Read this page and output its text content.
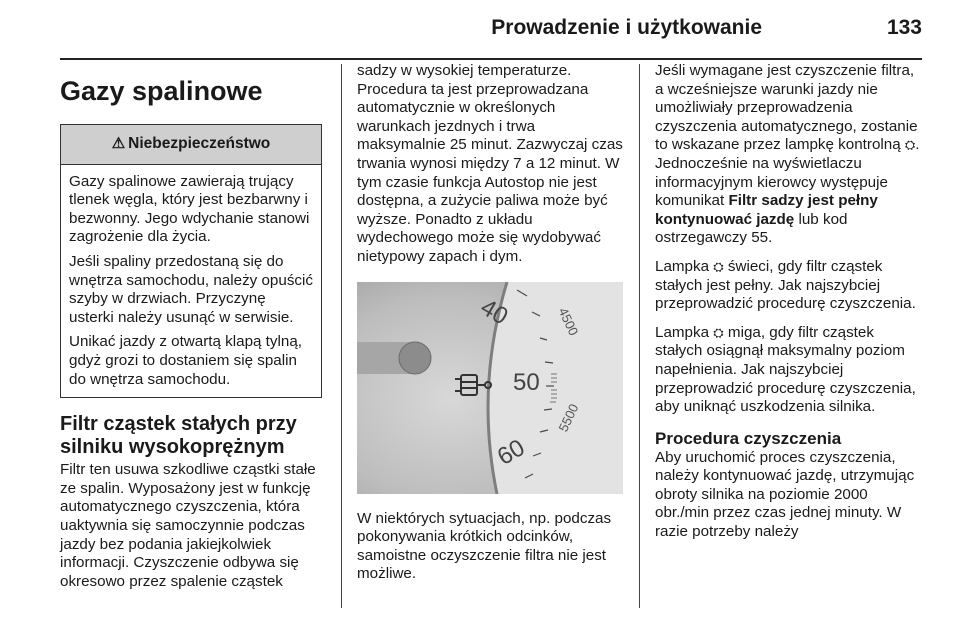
Prowadzenie i użytkowanie	133
Gazy spalinowe
⚠ Niebezpieczeństwo

Gazy spalinowe zawierają trujący tlenek węgla, który jest bezbarwny i bezwonny. Jego wdychanie stanowi zagrożenie dla życia.

Jeśli spaliny przedostaną się do wnętrza samochodu, należy opuścić szyby w drzwiach. Przyczynę usterki należy usunąć w serwisie.

Unikać jazdy z otwartą klapą tylną, gdyż grozi to dostaniem się spalin do wnętrza samochodu.

Filtr cząstek stałych przy silniku wysokoprężnym

Filtr ten usuwa szkodliwe cząstki stałe ze spalin. Wyposażony jest w funkcję automatycznego czyszczenia, która uaktywnia się samoczynnie podczas jazdy bez podania jakiejkolwiek informacji. Czyszczenie odbywa się okresowo przez spalenie cząstek

sadzy w wysokiej temperaturze. Procedura ta jest przeprowadzana automatycznie w określonych warunkach jezdnych i trwa maksymalnie 25 minut. Zazwyczaj czas trwania wynosi między 7 a 12 minut. W tym czasie funkcja Autostop nie jest dostępna, a zużycie paliwa może być wyższe. Ponadto z układu wydechowego może się wydobywać nietypowy zapach i dym.

40
50
60
4500
5500

W niektórych sytuacjach, np. podczas pokonywania krótkich odcinków, samoistne oczyszczenie filtra nie jest możliwe.

Jeśli wymagane jest czyszczenie filtra, a wcześniejsze warunki jazdy nie umożliwiały przeprowadzenia czyszczenia automatycznego, zostanie to wskazane przez lampkę kontrolną ⛭. Jednocześnie na wyświetlaczu informacyjnym kierowcy występuje komunikat Filtr sadzy jest pełny kontynuować jazdę lub kod ostrzegawczy 55.

Lampka ⛭ świeci, gdy filtr cząstek stałych jest pełny. Jak najszybciej przeprowadzić procedurę czyszczenia.

Lampka ⛭ miga, gdy filtr cząstek stałych osiągnął maksymalny poziom napełnienia. Jak najszybciej przeprowadzić procedurę czyszczenia, aby uniknąć uszkodzenia silnika.

Procedura czyszczenia

Aby uruchomić proces czyszczenia, należy kontynuować jazdę, utrzymując obroty silnika na poziomie 2000 obr./min przez czas jednej minuty. W razie potrzeby należy
